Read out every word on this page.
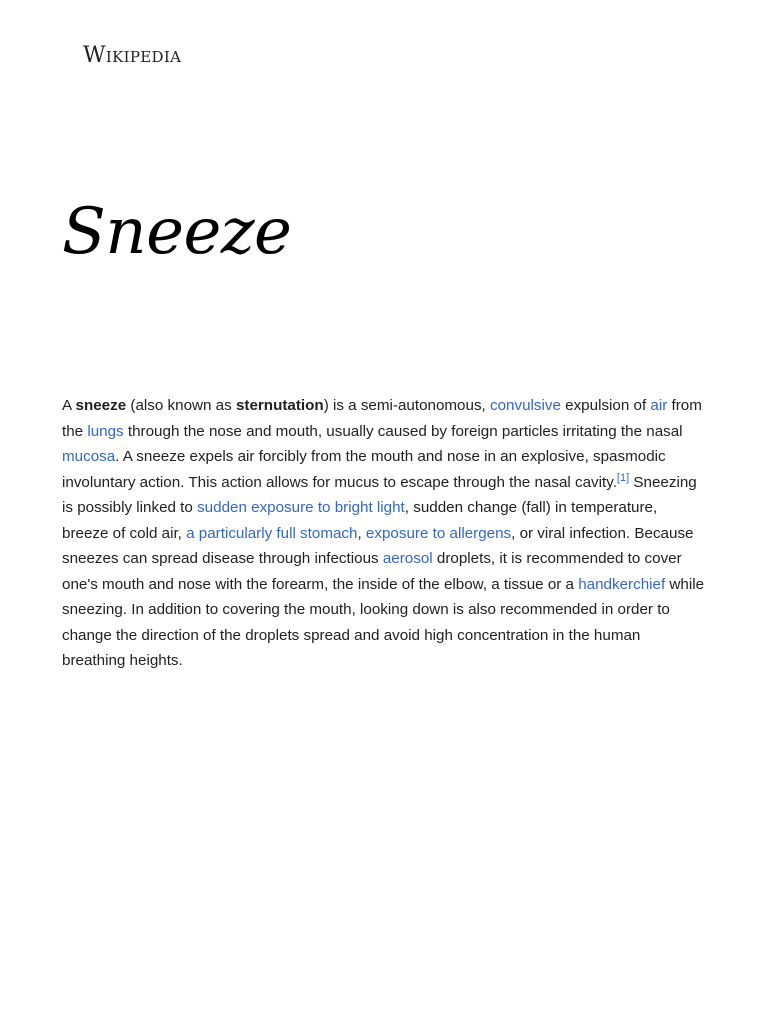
Wikipedia
Sneeze

A sneeze (also known as sternutation) is a semi-autonomous, convulsive expulsion of air from the lungs through the nose and mouth, usually caused by foreign particles irritating the nasal mucosa. A sneeze expels air forcibly from the mouth and nose in an explosive, spasmodic involuntary action. This action allows for mucus to escape through the nasal cavity.[1] Sneezing is possibly linked to sudden exposure to bright light, sudden change (fall) in temperature, breeze of cold air, a particularly full stomach, exposure to allergens, or viral infection. Because sneezes can spread disease through infectious aerosol droplets, it is recommended to cover one's mouth and nose with the forearm, the inside of the elbow, a tissue or a handkerchief while sneezing. In addition to covering the mouth, looking down is also recommended in order to change the direction of the droplets spread and avoid high concentration in the human breathing heights.
